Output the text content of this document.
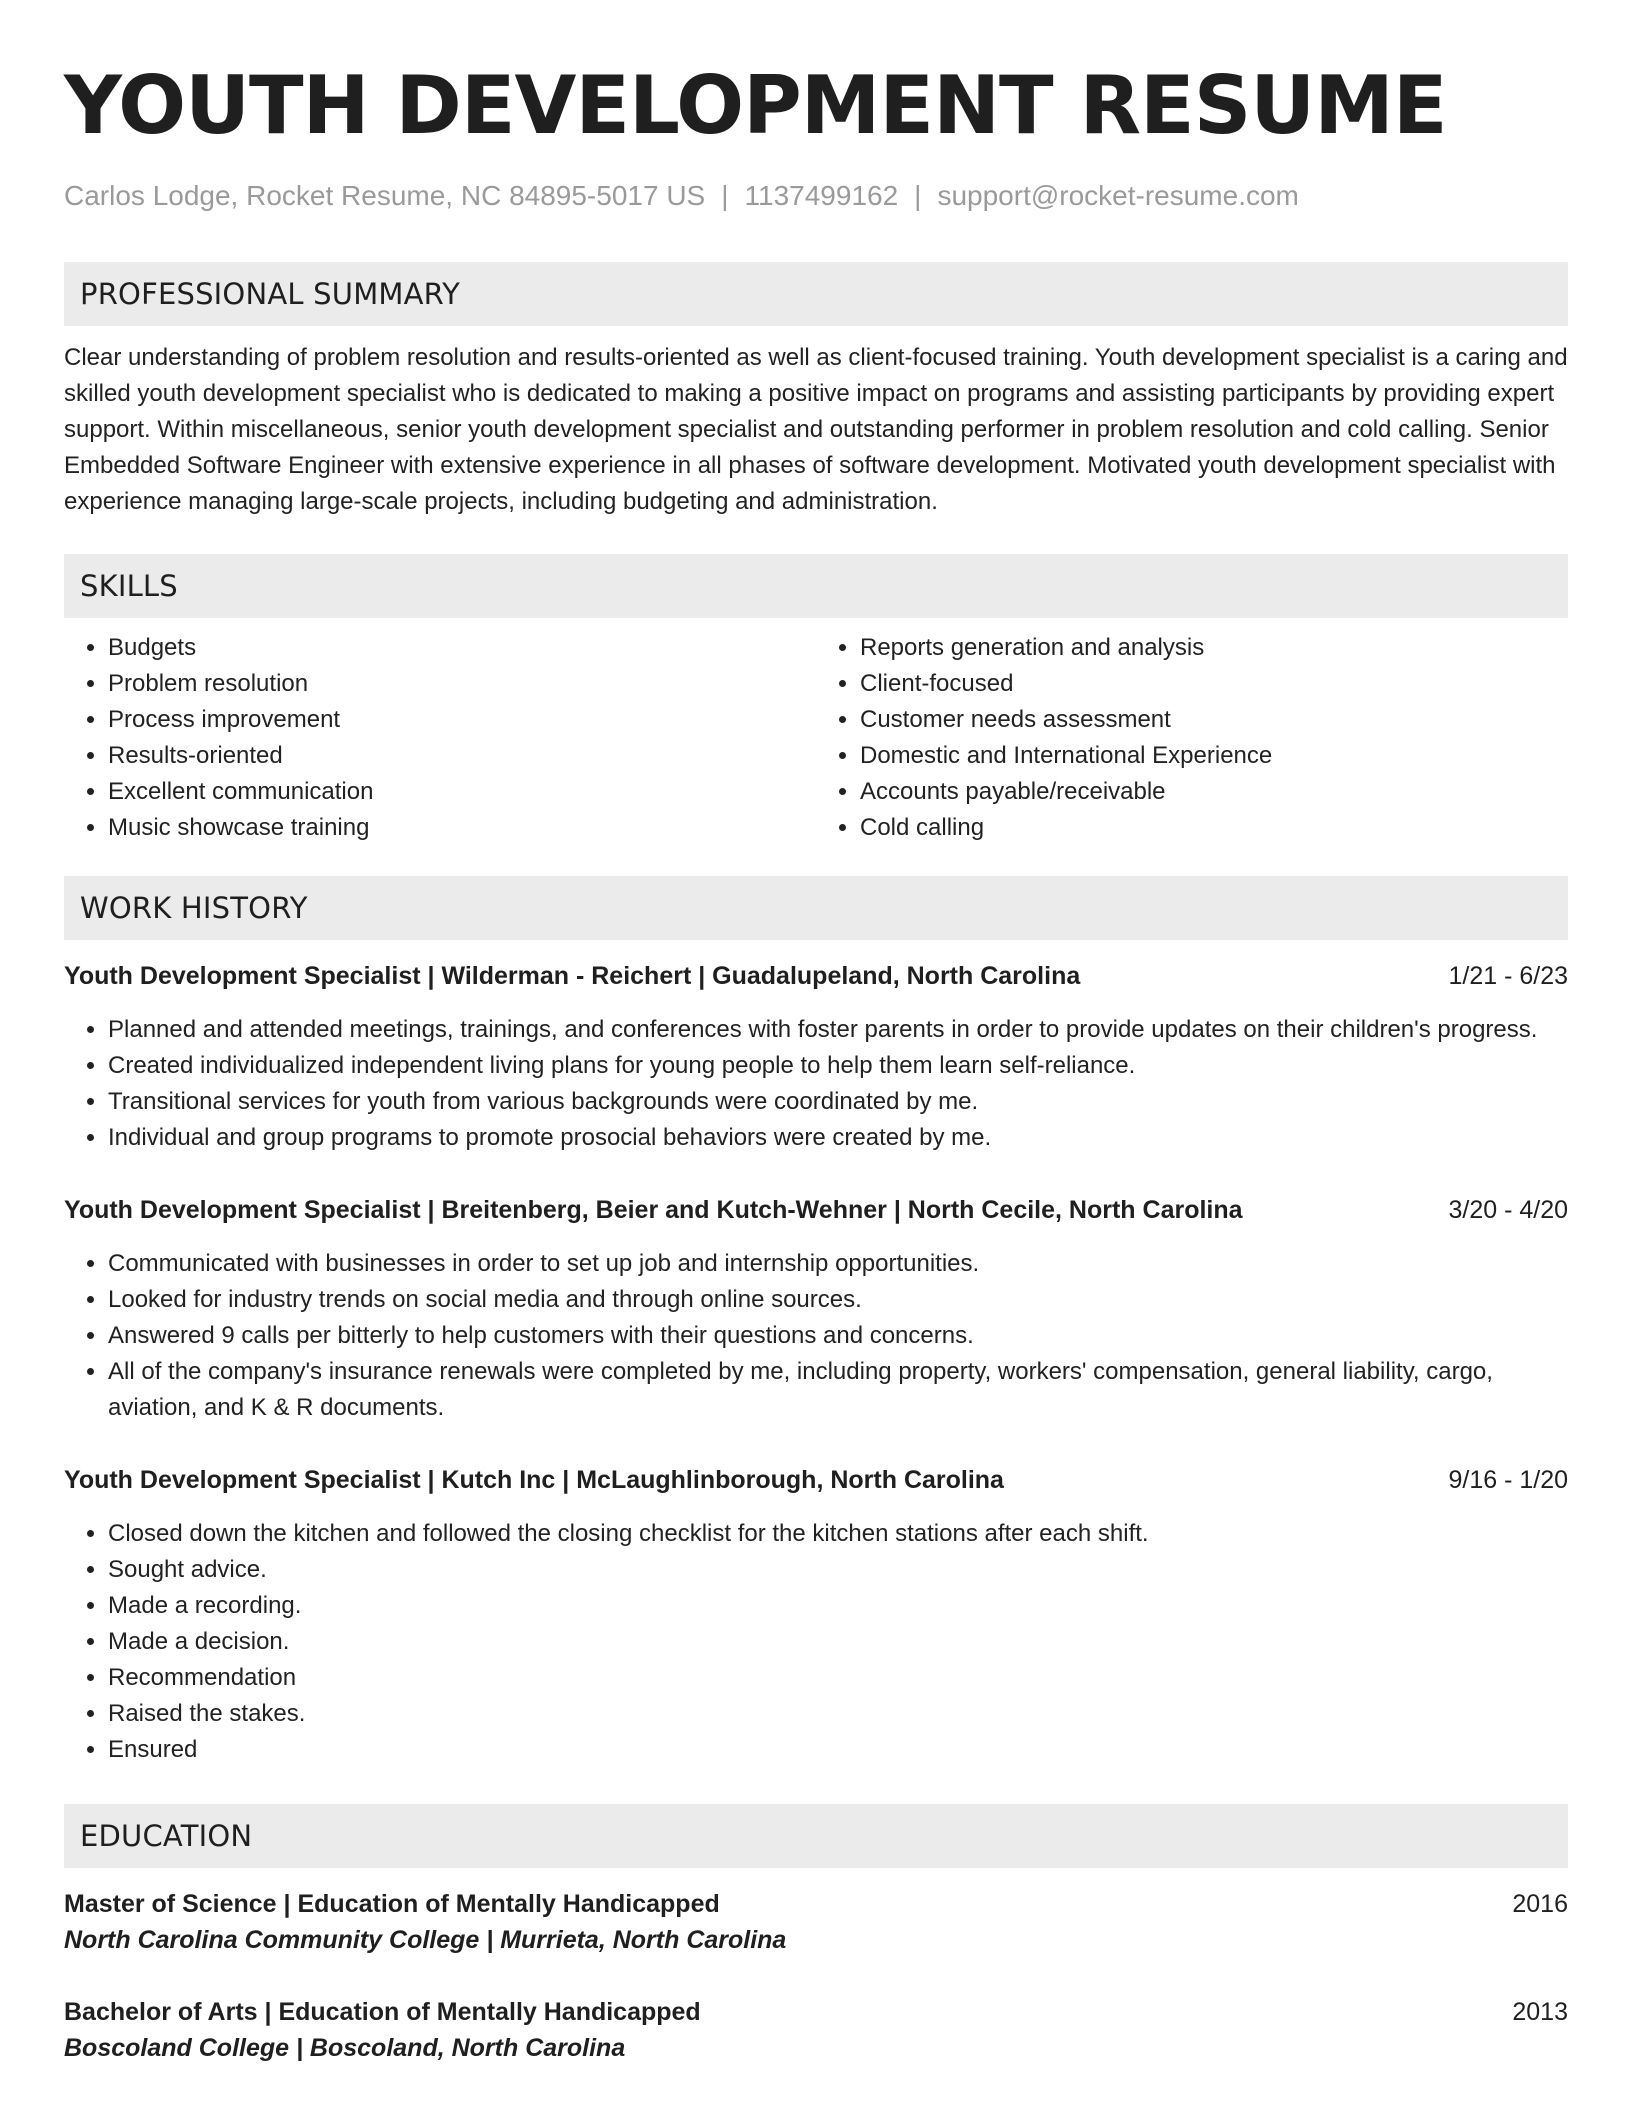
YOUTH DEVELOPMENT RESUME
Carlos Lodge, Rocket Resume, NC 84895-5017 US | 1137499162 | support@rocket-resume.com
PROFESSIONAL SUMMARY
Clear understanding of problem resolution and results-oriented as well as client-focused training. Youth development specialist is a caring and skilled youth development specialist who is dedicated to making a positive impact on programs and assisting participants by providing expert support. Within miscellaneous, senior youth development specialist and outstanding performer in problem resolution and cold calling. Senior Embedded Software Engineer with extensive experience in all phases of software development. Motivated youth development specialist with experience managing large-scale projects, including budgeting and administration.
SKILLS
• Budgets
• Problem resolution
• Process improvement
• Results-oriented
• Excellent communication
• Music showcase training
• Reports generation and analysis
• Client-focused
• Customer needs assessment
• Domestic and International Experience
• Accounts payable/receivable
• Cold calling
WORK HISTORY
Youth Development Specialist | Wilderman - Reichert | Guadalupeland, North Carolina	1/21 - 6/23
• Planned and attended meetings, trainings, and conferences with foster parents in order to provide updates on their children's progress.
• Created individualized independent living plans for young people to help them learn self-reliance.
• Transitional services for youth from various backgrounds were coordinated by me.
• Individual and group programs to promote prosocial behaviors were created by me.
Youth Development Specialist | Breitenberg, Beier and Kutch-Wehner | North Cecile, North Carolina	3/20 - 4/20
• Communicated with businesses in order to set up job and internship opportunities.
• Looked for industry trends on social media and through online sources.
• Answered 9 calls per bitterly to help customers with their questions and concerns.
• All of the company's insurance renewals were completed by me, including property, workers' compensation, general liability, cargo, aviation, and K & R documents.
Youth Development Specialist | Kutch Inc | McLaughlinborough, North Carolina	9/16 - 1/20
• Closed down the kitchen and followed the closing checklist for the kitchen stations after each shift.
• Sought advice.
• Made a recording.
• Made a decision.
• Recommendation
• Raised the stakes.
• Ensured
EDUCATION
Master of Science | Education of Mentally Handicapped	2016
North Carolina Community College | Murrieta, North Carolina
Bachelor of Arts | Education of Mentally Handicapped	2013
Boscoland College | Boscoland, North Carolina
